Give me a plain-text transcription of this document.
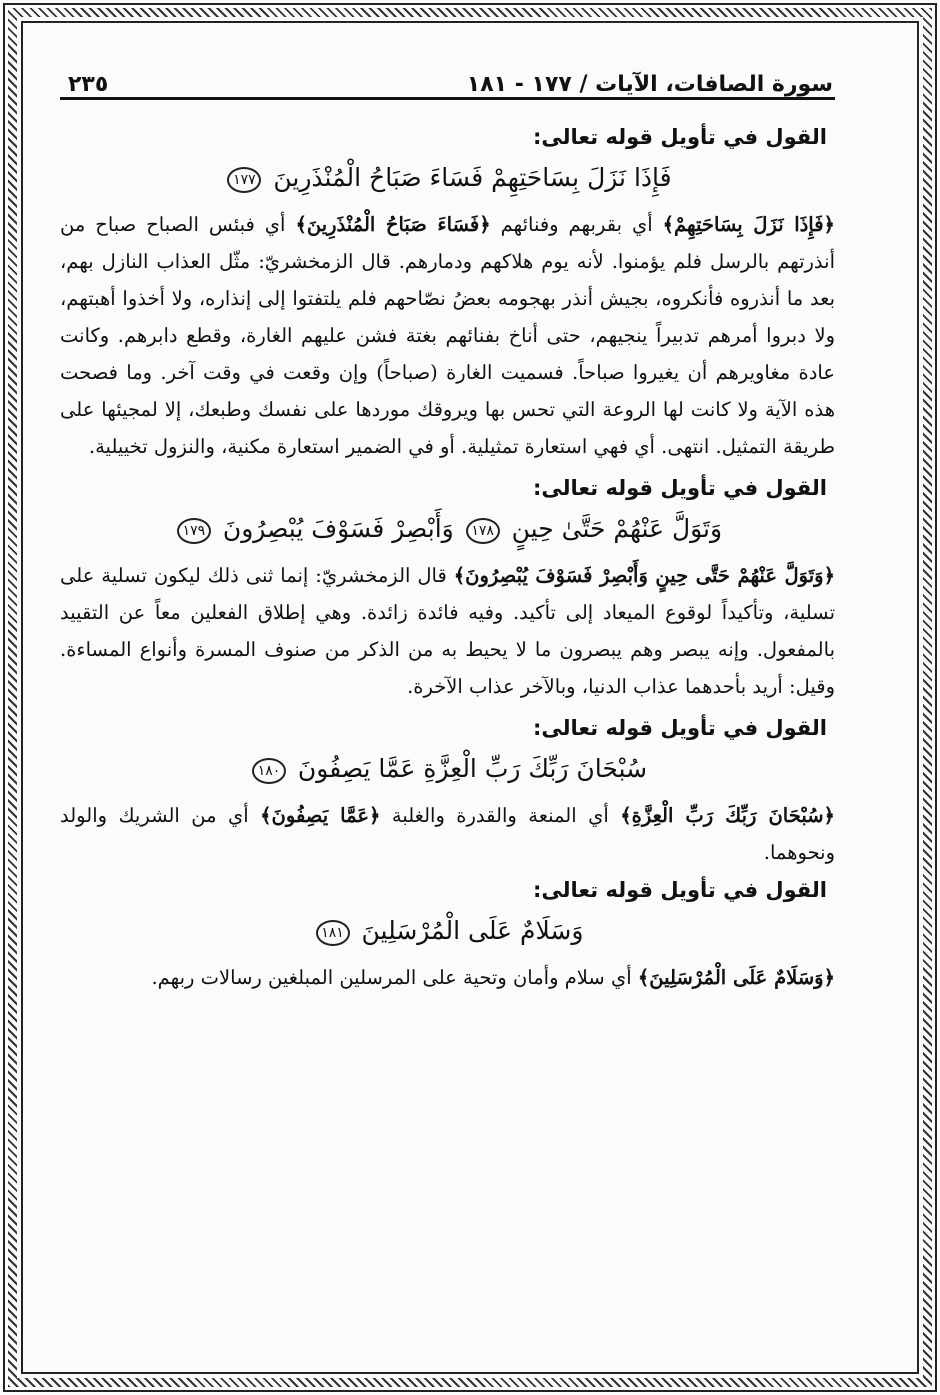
سورة الصافات، الآيات / ١٧٧ - ١٨١
٢٣٥
القول في تأويل قوله تعالى:
فَإِذَا نَزَلَ بِسَاحَتِهِمْ فَسَاءَ صَبَاحُ الْمُنْذَرِينَ ١٧٧

﴿فَإِذَا نَزَلَ بِسَاحَتِهِمْ﴾ أي بقربهم وفنائهم ﴿فَسَاءَ صَبَاحُ الْمُنْذَرِينَ﴾ أي فبئس الصباح صباح من أنذرتهم بالرسل فلم يؤمنوا. لأنه يوم هلاكهم ودمارهم. قال الزمخشريّ: مثّل العذاب النازل بهم، بعد ما أنذروه فأنكروه، بجيش أنذر بهجومه بعضُ نصّاحهم فلم يلتفتوا إلى إنذاره، ولا أخذوا أهبتهم، ولا دبروا أمرهم تدبيراً ينجيهم، حتى أناخ بفنائهم بغتة فشن عليهم الغارة، وقطع دابرهم. وكانت عادة مغاويرهم أن يغيروا صباحاً. فسميت الغارة (صباحاً) وإن وقعت في وقت آخر. وما فصحت هذه الآية ولا كانت لها الروعة التي تحس بها ويروقك موردها على نفسك وطبعك، إلا لمجيئها على طريقة التمثيل. انتهى. أي فهي استعارة تمثيلية. أو في الضمير استعارة مكنية، والنزول تخييلية.

القول في تأويل قوله تعالى:
وَتَوَلَّ عَنْهُمْ حَتَّىٰ حِينٍ ١٧٨ وَأَبْصِرْ فَسَوْفَ يُبْصِرُونَ ١٧٩

﴿وَتَوَلَّ عَنْهُمْ حَتَّى حِينٍ وَأَبْصِرْ فَسَوْفَ يُبْصِرُونَ﴾ قال الزمخشريّ: إنما ثنى ذلك ليكون تسلية على تسلية، وتأكيداً لوقوع الميعاد إلى تأكيد. وفيه فائدة زائدة. وهي إطلاق الفعلين معاً عن التقييد بالمفعول. وإنه يبصر وهم يبصرون ما لا يحيط به من الذكر من صنوف المسرة وأنواع المساءة. وقيل: أريد بأحدهما عذاب الدنيا، وبالآخر عذاب الآخرة.

القول في تأويل قوله تعالى:
سُبْحَانَ رَبِّكَ رَبِّ الْعِزَّةِ عَمَّا يَصِفُونَ ١٨٠

﴿سُبْحَانَ رَبِّكَ رَبِّ الْعِزَّةِ﴾ أي المنعة والقدرة والغلبة ﴿عَمَّا يَصِفُونَ﴾ أي من الشريك والولد ونحوهما.

القول في تأويل قوله تعالى:
وَسَلَامٌ عَلَى الْمُرْسَلِينَ ١٨١

﴿وَسَلَامٌ عَلَى الْمُرْسَلِينَ﴾ أي سلام وأمان وتحية على المرسلين المبلغين رسالات ربهم.
